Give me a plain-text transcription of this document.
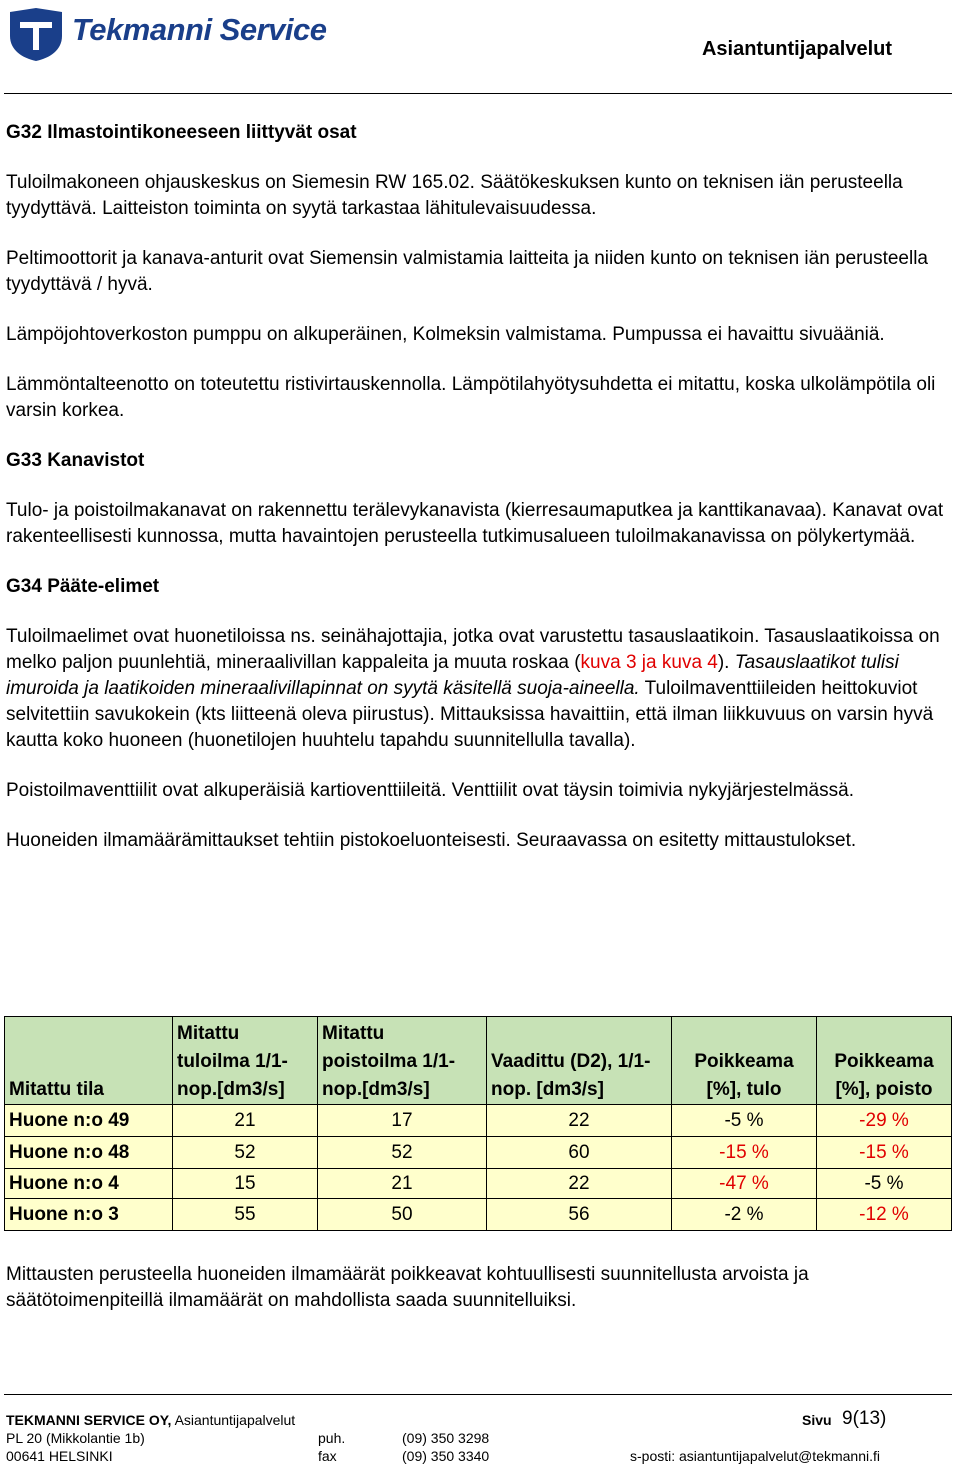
Tekmanni Service
Asiantuntijapalvelut
G32 Ilmastointikoneeseen liittyvät osat

Tuloilmakoneen ohjauskeskus on Siemesin RW 165.02. Säätökeskuksen kunto on teknisen iän perusteella tyydyttävä. Laitteiston toiminta on syytä tarkastaa lähitulevaisuudessa.

Peltimoottorit ja kanava-anturit ovat Siemensin valmistamia laitteita ja niiden kunto on teknisen iän perusteella tyydyttävä / hyvä.

Lämpöjohtoverkoston pumppu on alkuperäinen, Kolmeksin valmistama. Pumpussa ei havaittu sivuääniä.

Lämmöntalteenotto on toteutettu ristivirtauskennolla. Lämpötilahyötysuhdetta ei mitattu, koska ulkolämpötila oli varsin korkea.

G33 Kanavistot

Tulo- ja poistoilmakanavat on rakennettu terälevykanavista (kierresaumaputkea ja kanttikanavaa). Kanavat ovat rakenteellisesti kunnossa, mutta havaintojen perusteella tutkimusalueen tuloilmakanavissa on pölykertymää.

G34 Pääte-elimet

Tuloilmaelimet ovat huonetiloissa ns. seinähajottajia, jotka ovat varustettu tasauslaatikoin. Tasauslaatikoissa on melko paljon puunlehtiä, mineraalivillan kappaleita ja muuta roskaa (kuva 3 ja kuva 4). Tasauslaatikot tulisi imuroida ja laatikoiden mineraalivillapinnat on syytä käsitellä suoja-aineella. Tuloilmaventtiileiden heittokuviot selvitettiin savukokein (kts liitteenä oleva piirustus). Mittauksissa havaittiin, että ilman liikkuvuus on varsin hyvä kautta koko huoneen (huonetilojen huuhtelu tapahdu suunnitellulla tavalla).

Poistoilmaventtiilit ovat alkuperäisiä kartioventtiileitä. Venttiilit ovat täysin toimivia nykyjärjestelmässä.

Huoneiden ilmamäärämittaukset tehtiin pistokoeluonteisesti. Seuraavassa on esitetty mittaustulokset.

Mitattu tila	Mitattu tuloilma 1/1-nop.[dm3/s]	Mitattu poistoilma 1/1-nop.[dm3/s]	Vaadittu (D2), 1/1-nop. [dm3/s]	Poikkeama [%], tulo	Poikkeama [%], poisto
Huone n:o 49	21	17	22	-5 %	-29 %
Huone n:o 48	52	52	60	-15 %	-15 %
Huone n:o 4	15	21	22	-47 %	-5 %
Huone n:o 3	55	50	56	-2 %	-12 %
Mittausten perusteella huoneiden ilmamäärät poikkeavat kohtuullisesti suunnitellusta arvoista ja säätötoimenpiteillä ilmamäärät on mahdollista saada suunnitelluiksi.
TEKMANNI SERVICE OY, Asiantuntijapalvelut	Sivu 9(13)
PL 20 (Mikkolantie 1b)
00641 HELSINKI
puh.	(09) 350 3298
fax	(09) 350 3340	s-posti: asiantuntijapalvelut@tekmanni.fi
